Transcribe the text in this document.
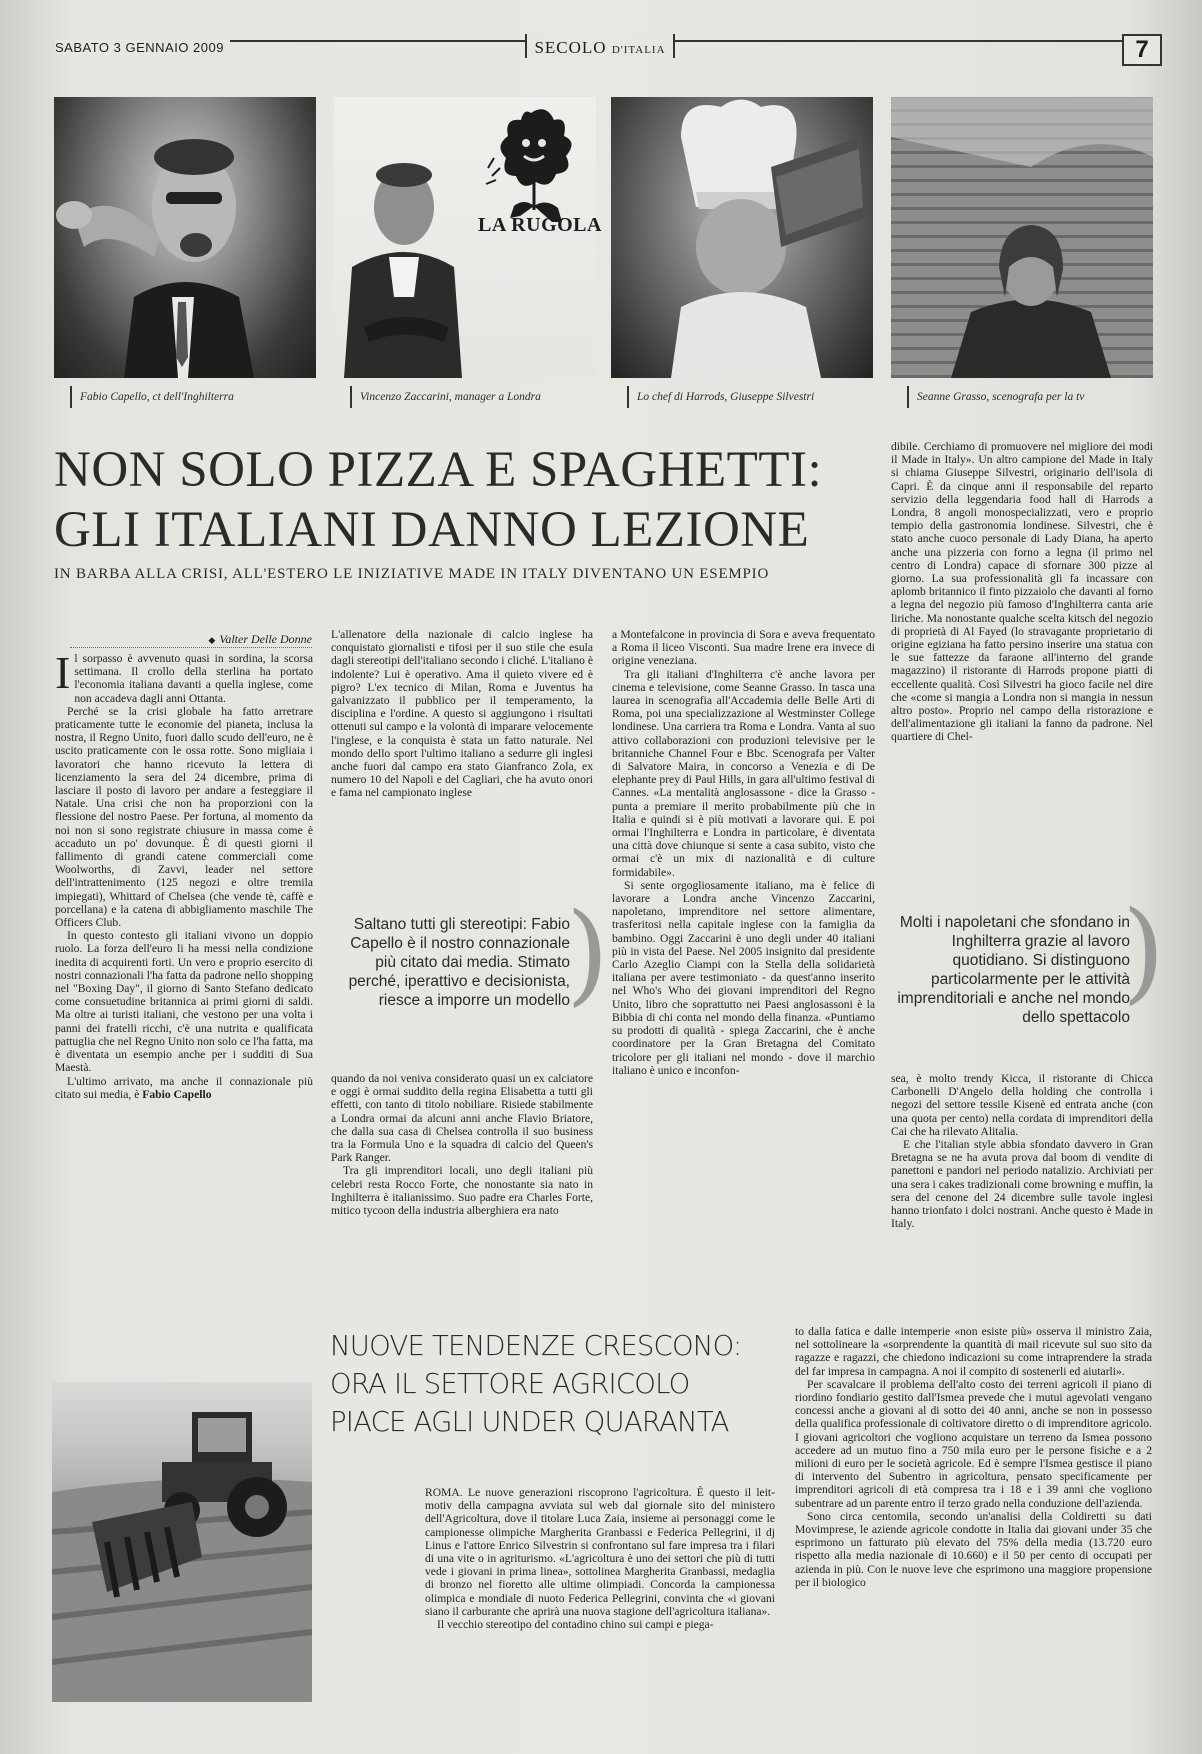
SABATO 3 GENNAIO 2009	SECOLO D'ITALIA	7
LA RUGOLA
Fabio Capello, ct dell'Inghilterra	Vincenzo Zaccarini, manager a Londra	Lo chef di Harrods, Giuseppe Silvestri	Seanne Grasso, scenografa per la tv
NON SOLO PIZZA E SPAGHETTI:
GLI ITALIANI DANNO LEZIONE
IN BARBA ALLA CRISI, ALL'ESTERO LE INIZIATIVE MADE IN ITALY DIVENTANO UN ESEMPIO
◆ Valter Delle Donne

Il sorpasso è avvenuto quasi in sordina, la scorsa settimana. Il crollo della sterlina ha portato l'economia italiana davanti a quella inglese, come non accadeva dagli anni Ottanta.

Perché se la crisi globale ha fatto arretrare praticamente tutte le economie del pianeta, inclusa la nostra, il Regno Unito, fuori dallo scudo dell'euro, ne è uscito praticamente con le ossa rotte. Sono migliaia i lavoratori che hanno ricevuto la lettera di licenziamento la sera del 24 dicembre, prima di lasciare il posto di lavoro per andare a festeggiare il Natale. Una crisi che non ha proporzioni con la flessione del nostro Paese. Per fortuna, al momento da noi non si sono registrate chiusure in massa come è accaduto un po' dovunque. È di questi giorni il fallimento di grandi catene commerciali come Woolworths, di Zavvi, leader nel settore dell'intrattenimento (125 negozi e oltre tremila impiegati), Whittard of Chelsea (che vende tè, caffè e porcellana) e la catena di abbigliamento maschile The Officers Club.

In questo contesto gli italiani vivono un doppio ruolo. La forza dell'euro li ha messi nella condizione inedita di acquirenti forti. Un vero e proprio esercito di nostri connazionali l'ha fatta da padrone nello shopping nel "Boxing Day", il giorno di Santo Stefano dedicato come consuetudine britannica ai primi giorni di saldi. Ma oltre ai turisti italiani, che vestono per una volta i panni dei fratelli ricchi, c'è una nutrita e qualificata pattuglia che nel Regno Unito non solo ce l'ha fatta, ma è diventata un esempio anche per i sudditi di Sua Maestà.

L'ultimo arrivato, ma anche il connazionale più citato sui media, è Fabio Capello

L'allenatore della nazionale di calcio inglese ha conquistato giornalisti e tifosi per il suo stile che esula dagli stereotipi dell'italiano secondo i cliché. L'italiano è indolente? Lui è operativo. Ama il quieto vivere ed è pigro? L'ex tecnico di Milan, Roma e Juventus ha galvanizzato il pubblico per il temperamento, la disciplina e l'ordine. A questo si aggiungono i risultati ottenuti sul campo e la volontà di imparare velocemente l'inglese, e la conquista è stata un fatto naturale. Nel mondo dello sport l'ultimo italiano a sedurre gli inglesi anche fuori dal campo era stato Gianfranco Zola, ex numero 10 del Napoli e del Cagliari, che ha avuto onori e fama nel campionato inglese

Saltano tutti gli stereotipi: Fabio Capello è il nostro connazionale più citato dai media. Stimato perché, iperattivo e decisionista, riesce a imporre un modello
)

quando da noi veniva considerato quasi un ex calciatore e oggi è ormai suddito della regina Elisabetta a tutti gli effetti, con tanto di titolo nobiliare. Risiede stabilmente a Londra ormai da alcuni anni anche Flavio Briatore, che dalla sua casa di Chelsea controlla il suo business tra la Formula Uno e la squadra di calcio del Queen's Park Ranger.

Tra gli imprenditori locali, uno degli italiani più celebri resta Rocco Forte, che nonostante sia nato in Inghilterra è italianissimo. Suo padre era Charles Forte, mitico tycoon della industria alberghiera era nato

a Montefalcone in provincia di Sora e aveva frequentato a Roma il liceo Visconti. Sua madre Irene era invece di origine veneziana.

Tra gli italiani d'Inghilterra c'è anche lavora per cinema e televisione, come Seanne Grasso. In tasca una laurea in scenografia all'Accademia delle Belle Arti di Roma, poi una specializzazione al Westminster College londinese. Una carriera tra Roma e Londra. Vanta al suo attivo collaborazioni con produzioni televisive per le britanniche Channel Four e Bbc. Scenografa per Valter di Salvatore Maira, in concorso a Venezia e di De elephante prey di Paul Hills, in gara all'ultimo festival di Cannes. «La mentalità anglosassone - dice la Grasso - punta a premiare il merito probabilmente più che in Italia e quindi si è più motivati a lavorare qui. E poi ormai l'Inghilterra e Londra in particolare, è diventata una città dove chiunque si sente a casa subito, visto che ormai c'è un mix di nazionalità e di culture formidabile».

Si sente orgogliosamente italiano, ma è felice di lavorare a Londra anche Vincenzo Zaccarini, napoletano, imprenditore nel settore alimentare, trasferitosi nella capitale inglese con la famiglia da bambino. Oggi Zaccarini è uno degli under 40 italiani più in vista del Paese. Nel 2005 insignito dal presidente Carlo Azeglio Ciampi con la Stella della solidarietà italiana per avere testimoniato - da quest'anno inserito nel Who's Who dei giovani imprenditori del Regno Unito, libro che soprattutto nei Paesi anglosassoni è la Bibbia di chi conta nel mondo della finanza. «Puntiamo su prodotti di qualità - spiega Zaccarini, che è anche coordinatore per la Gran Bretagna del Comitato tricolore per gli italiani nel mondo - dove il marchio italiano è unico e inconfon-

dibile. Cerchiamo di promuovere nel migliore dei modi il Made in Italy». Un altro campione del Made in Italy si chiama Giuseppe Silvestri, originario dell'isola di Capri. È da cinque anni il responsabile del reparto servizio della leggendaria food hall di Harrods a Londra, 8 angoli monospecializzati, vero e proprio tempio della gastronomia londinese. Silvestri, che è stato anche cuoco personale di Lady Diana, ha aperto anche una pizzeria con forno a legna (il primo nel centro di Londra) capace di sfornare 300 pizze al giorno. La sua professionalità gli fa incassare con aplomb britannico il finto pizzaiolo che davanti al forno a legna del negozio più famoso d'Inghilterra canta arie liriche. Ma nonostante qualche scelta kitsch del negozio di proprietà di Al Fayed (lo stravagante proprietario di origine egiziana ha fatto persino inserire una statua con le sue fattezze da faraone all'interno del grande magazzino) il ristorante di Harrods propone piatti di eccellente qualità. Così Silvestri ha gioco facile nel dire che «come si mangia a Londra non si mangia in nessun altro posto». Proprio nel campo della ristorazione e dell'alimentazione gli italiani la fanno da padrone. Nel quartiere di Chel-

Molti i napoletani che sfondano in Inghilterra grazie al lavoro quotidiano. Si distinguono particolarmente per le attività imprenditoriali e anche nel mondo dello spettacolo
)

sea, è molto trendy Kicca, il ristorante di Chicca Carbonelli D'Angelo della holding che controlla i negozi del settore tessile Kisenè ed entrata anche (con una quota per cento) nella cordata di imprenditori della Cai che ha rilevato Alitalia.

E che l'italian style abbia sfondato davvero in Gran Bretagna se ne ha avuta prova dal boom di vendite di panettoni e pandori nel periodo natalizio. Archiviati per una sera i cakes tradizionali come browning e muffin, la sera del cenone del 24 dicembre sulle tavole inglesi hanno trionfato i dolci nostrani. Anche questo è Made in Italy.

NUOVE TENDENZE CRESCONO:
ORA IL SETTORE AGRICOLO
PIACE AGLI UNDER QUARANTA

ROMA. Le nuove generazioni riscoprono l'agricoltura. È questo il leit-motiv della campagna avviata sul web dal giornale sito del ministero dell'Agricoltura, dove il titolare Luca Zaia, insieme ai personaggi come le campionesse olimpiche Margherita Granbassi e Federica Pellegrini, il dj Linus e l'attore Enrico Silvestrin si confrontano sul fare impresa tra i filari di una vite o in agriturismo. «L'agricoltura è uno dei settori che più di tutti vede i giovani in prima linea», sottolinea Margherita Granbassi, medaglia di bronzo nel fioretto alle ultime olimpiadi. Concorda la campionessa olimpica e mondiale di nuoto Federica Pellegrini, convinta che «i giovani siano il carburante che aprirà una nuova stagione dell'agricoltura italiana».

Il vecchio stereotipo del contadino chino sui campi e piega-

to dalla fatica e dalle intemperie «non esiste più» osserva il ministro Zaia, nel sottolineare la «sorprendente la quantità di mail ricevute sul suo sito da ragazze e ragazzi, che chiedono indicazioni su come intraprendere la strada del far impresa in campagna. A noi il compito di sostenerli ed aiutarli».

Per scavalcare il problema dell'alto costo dei terreni agricoli il piano di riordino fondiario gestito dall'Ismea prevede che i mutui agevolati vengano concessi anche a giovani al di sotto dei 40 anni, anche se non in possesso della qualifica professionale di coltivatore diretto o di imprenditore agricolo. I giovani agricoltori che vogliono acquistare un terreno da Ismea possono accedere ad un mutuo fino a 750 mila euro per le persone fisiche e a 2 milioni di euro per le società agricole. Ed è sempre l'Ismea gestisce il piano di intervento del Subentro in agricoltura, pensato specificamente per imprenditori agricoli di età compresa tra i 18 e i 39 anni che vogliono subentrare ad un parente entro il terzo grado nella conduzione dell'azienda.

Sono circa centomila, secondo un'analisi della Coldiretti su dati Movimprese, le aziende agricole condotte in Italia dai giovani under 35 che esprimono un fatturato più elevato del 75% della media (13.720 euro rispetto alla media nazionale di 10.660) e il 50 per cento di occupati per azienda in più. Con le nuove leve che esprimono una maggiore propensione per il biologico
